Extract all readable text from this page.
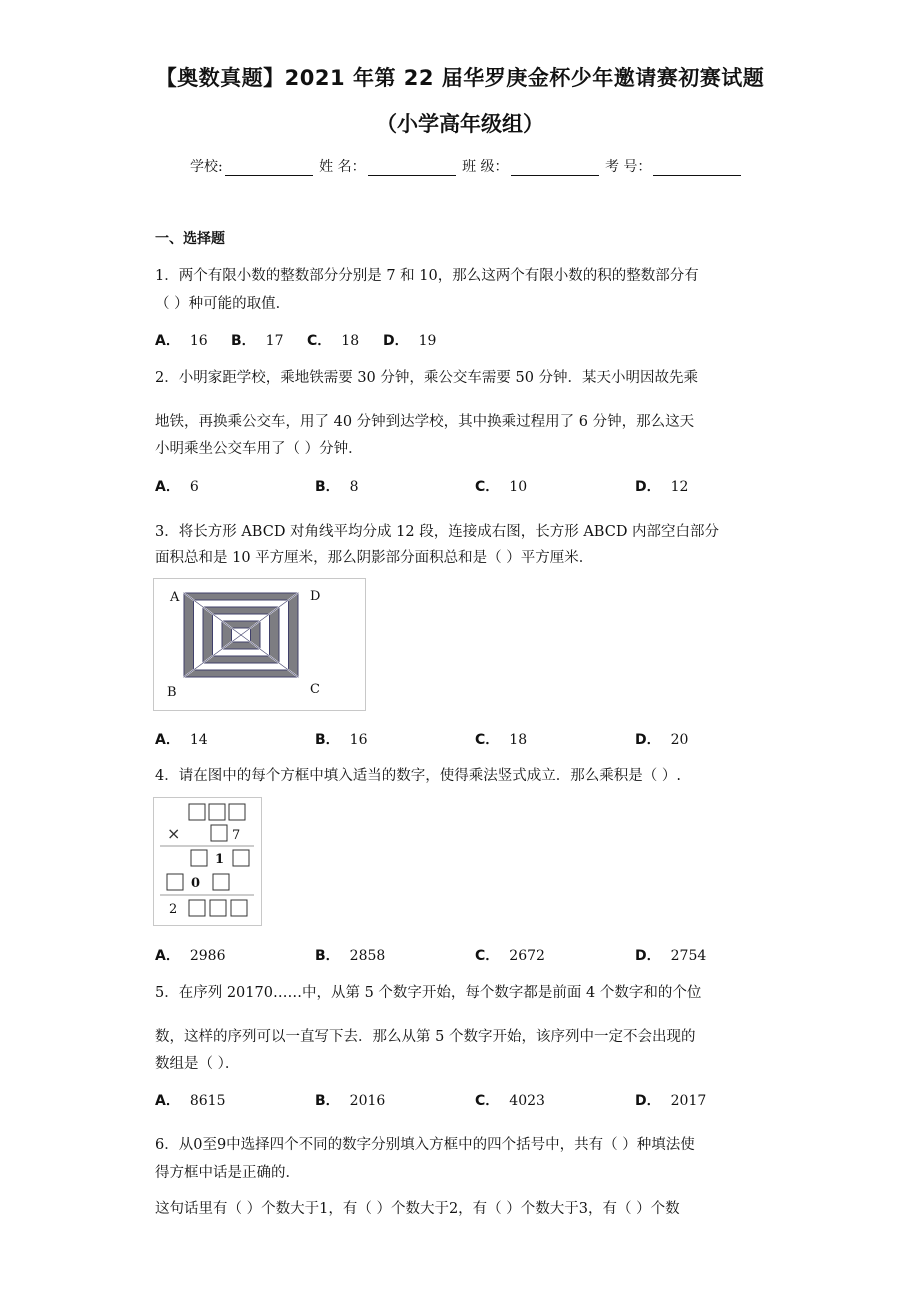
【奥数真题】2021 年第 22 届华罗庚金杯少年邀请赛初赛试题
（小学高年级组）
学校:	姓 名：	班 级：	考 号：
一、选择题
1．两个有限小数的整数部分分别是 7 和 10，那么这两个有限小数的积的整数部分有
（ ）种可能的取值．
A． 16 B． 17 C． 18 D． 19
2．小明家距学校，乘地铁需要 30 分钟，乘公交车需要 50 分钟．某天小明因故先乘
地铁，再换乘公交车，用了 40 分钟到达学校，其中换乘过程用了 6 分钟，那么这天
小明乘坐公交车用了（ ）分钟．
A． 6	B． 8	C． 10	D． 12
3．将长方形 ABCD 对角线平均分成 12 段，连接成右图，长方形 ABCD 内部空白部分
面积总和是 10 平方厘米，那么阴影部分面积总和是（ ）平方厘米．
A	D
B	C
A． 14	B． 16	C． 18	D． 20
4．请在图中的每个方框中填入适当的数字，使得乘法竖式成立．那么乘积是（ ）.
×	7
1
0
2
A． 2986	B． 2858	C． 2672	D． 2754
5．在序列 20170……中，从第 5 个数字开始，每个数字都是前面 4 个数字和的个位
数，这样的序列可以一直写下去．那么从第 5 个数字开始，该序列中一定不会出现的
数组是（ ）．
A． 8615	B． 2016	C． 4023	D． 2017
6．从0至9中选择四个不同的数字分别填入方框中的四个括号中，共有（ ）种填法使
得方框中话是正确的．
这句话里有（ ）个数大于1，有（ ）个数大于2，有（ ）个数大于3，有（ ）个数
